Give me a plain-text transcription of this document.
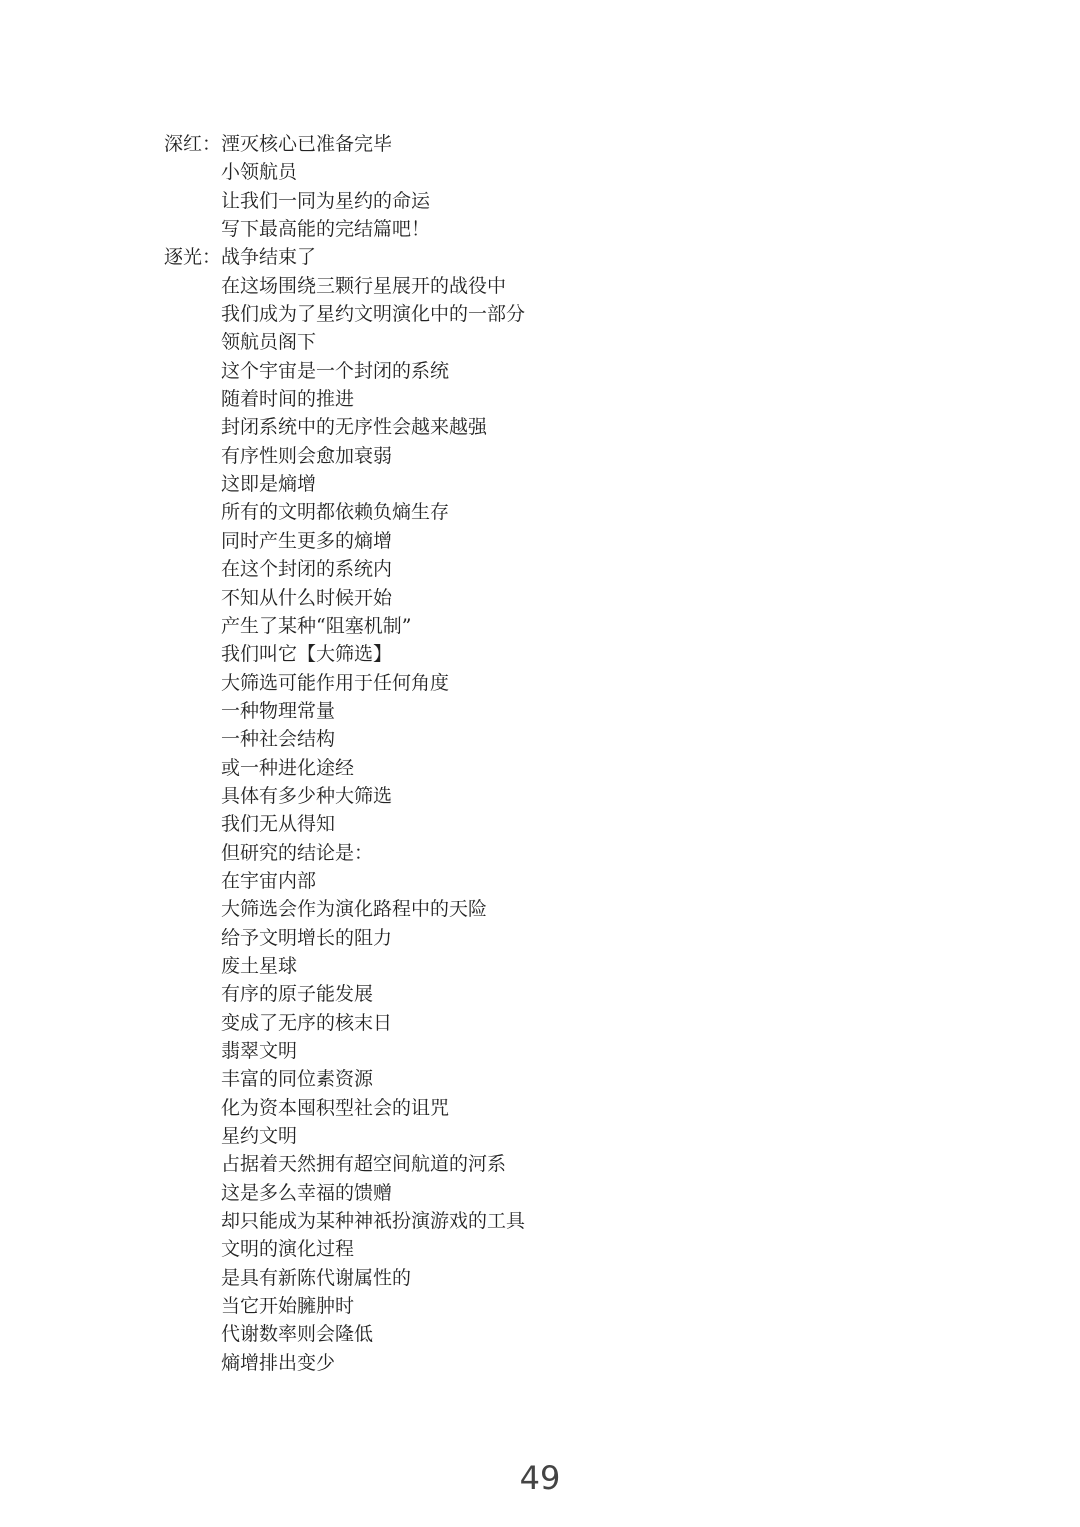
深红： 湮灭核心已准备完毕
小领航员
让我们一同为星约的命运
写下最高能的完结篇吧！
逐光： 战争结束了
在这场围绕三颗行星展开的战役中
我们成为了星约文明演化中的一部分
领航员阁下
这个宇宙是一个封闭的系统
随着时间的推进
封闭系统中的无序性会越来越强
有序性则会愈加衰弱
这即是熵增
所有的文明都依赖负熵生存
同时产生更多的熵增
在这个封闭的系统内
不知从什么时候开始
产生了某种“阻塞机制”
我们叫它【大筛选】
大筛选可能作用于任何角度
一种物理常量
一种社会结构
或一种进化途经
具体有多少种大筛选
我们无从得知
但研究的结论是：
在宇宙内部
大筛选会作为演化路程中的天险
给予文明增长的阻力
废土星球
有序的原子能发展
变成了无序的核末日
翡翠文明
丰富的同位素资源
化为资本囤积型社会的诅咒
星约文明
占据着天然拥有超空间航道的河系
这是多么幸福的馈赠
却只能成为某种神祇扮演游戏的工具
文明的演化过程
是具有新陈代谢属性的
当它开始臃肿时
代谢数率则会隆低
熵增排出变少
49
